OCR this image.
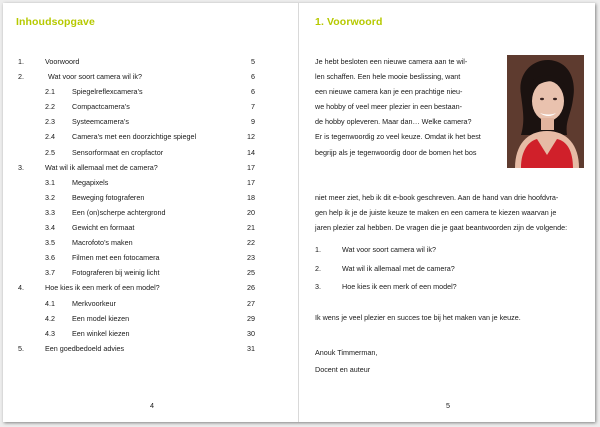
Inhoudsopgave
1.	Voorwoord	5
2.	Wat voor soort camera wil ik?	6
2.1 Spiegelreflexcamera’s	6
2.2 Compactcamera’s	7
2.3 Systeemcamera’s	9
2.4 Camera’s met een doorzichtige spiegel	12
2.5 Sensorformaat en cropfactor	14
3.	Wat wil ik allemaal met de camera?	17
3.1 Megapixels	17
3.2 Beweging fotograferen	18
3.3 Een (on)scherpe achtergrond	20
3.4 Gewicht en formaat	21
3.5 Macrofoto’s maken	22
3.6 Filmen met een fotocamera	23
3.7 Fotograferen bij weinig licht	25
4.	Hoe kies ik een merk of een model?	26
4.1 Merkvoorkeur	27
4.2 Een model kiezen	29
4.3 Een winkel kiezen	30
5.	Een goedbedoeld advies	31
4
1. Voorwoord
Je hebt besloten een nieuwe camera aan te wil-
len schaffen. Een hele mooie beslissing, want
een nieuwe camera kan je een prachtige nieu-
we hobby of veel meer plezier in een bestaan-
de hobby opleveren. Maar dan… Welke camera?
Er is tegenwoordig zo veel keuze. Omdat ik het best
begrijp als je tegenwoordig door de bomen het bos
niet meer ziet, heb ik dit e-book geschreven. Aan de hand van drie hoofdvra-
gen help ik je de juiste keuze te maken en een camera te kiezen waarvan je
jaren plezier zal hebben. De vragen die je gaat beantwoorden zijn de volgende:
1.	Wat voor soort camera wil ik?
2.	Wat wil ik allemaal met de camera?
3.	Hoe kies ik een merk of een model?
Ik wens je veel plezier en succes toe bij het maken van je keuze.
Anouk Timmerman,
Docent en auteur
5
